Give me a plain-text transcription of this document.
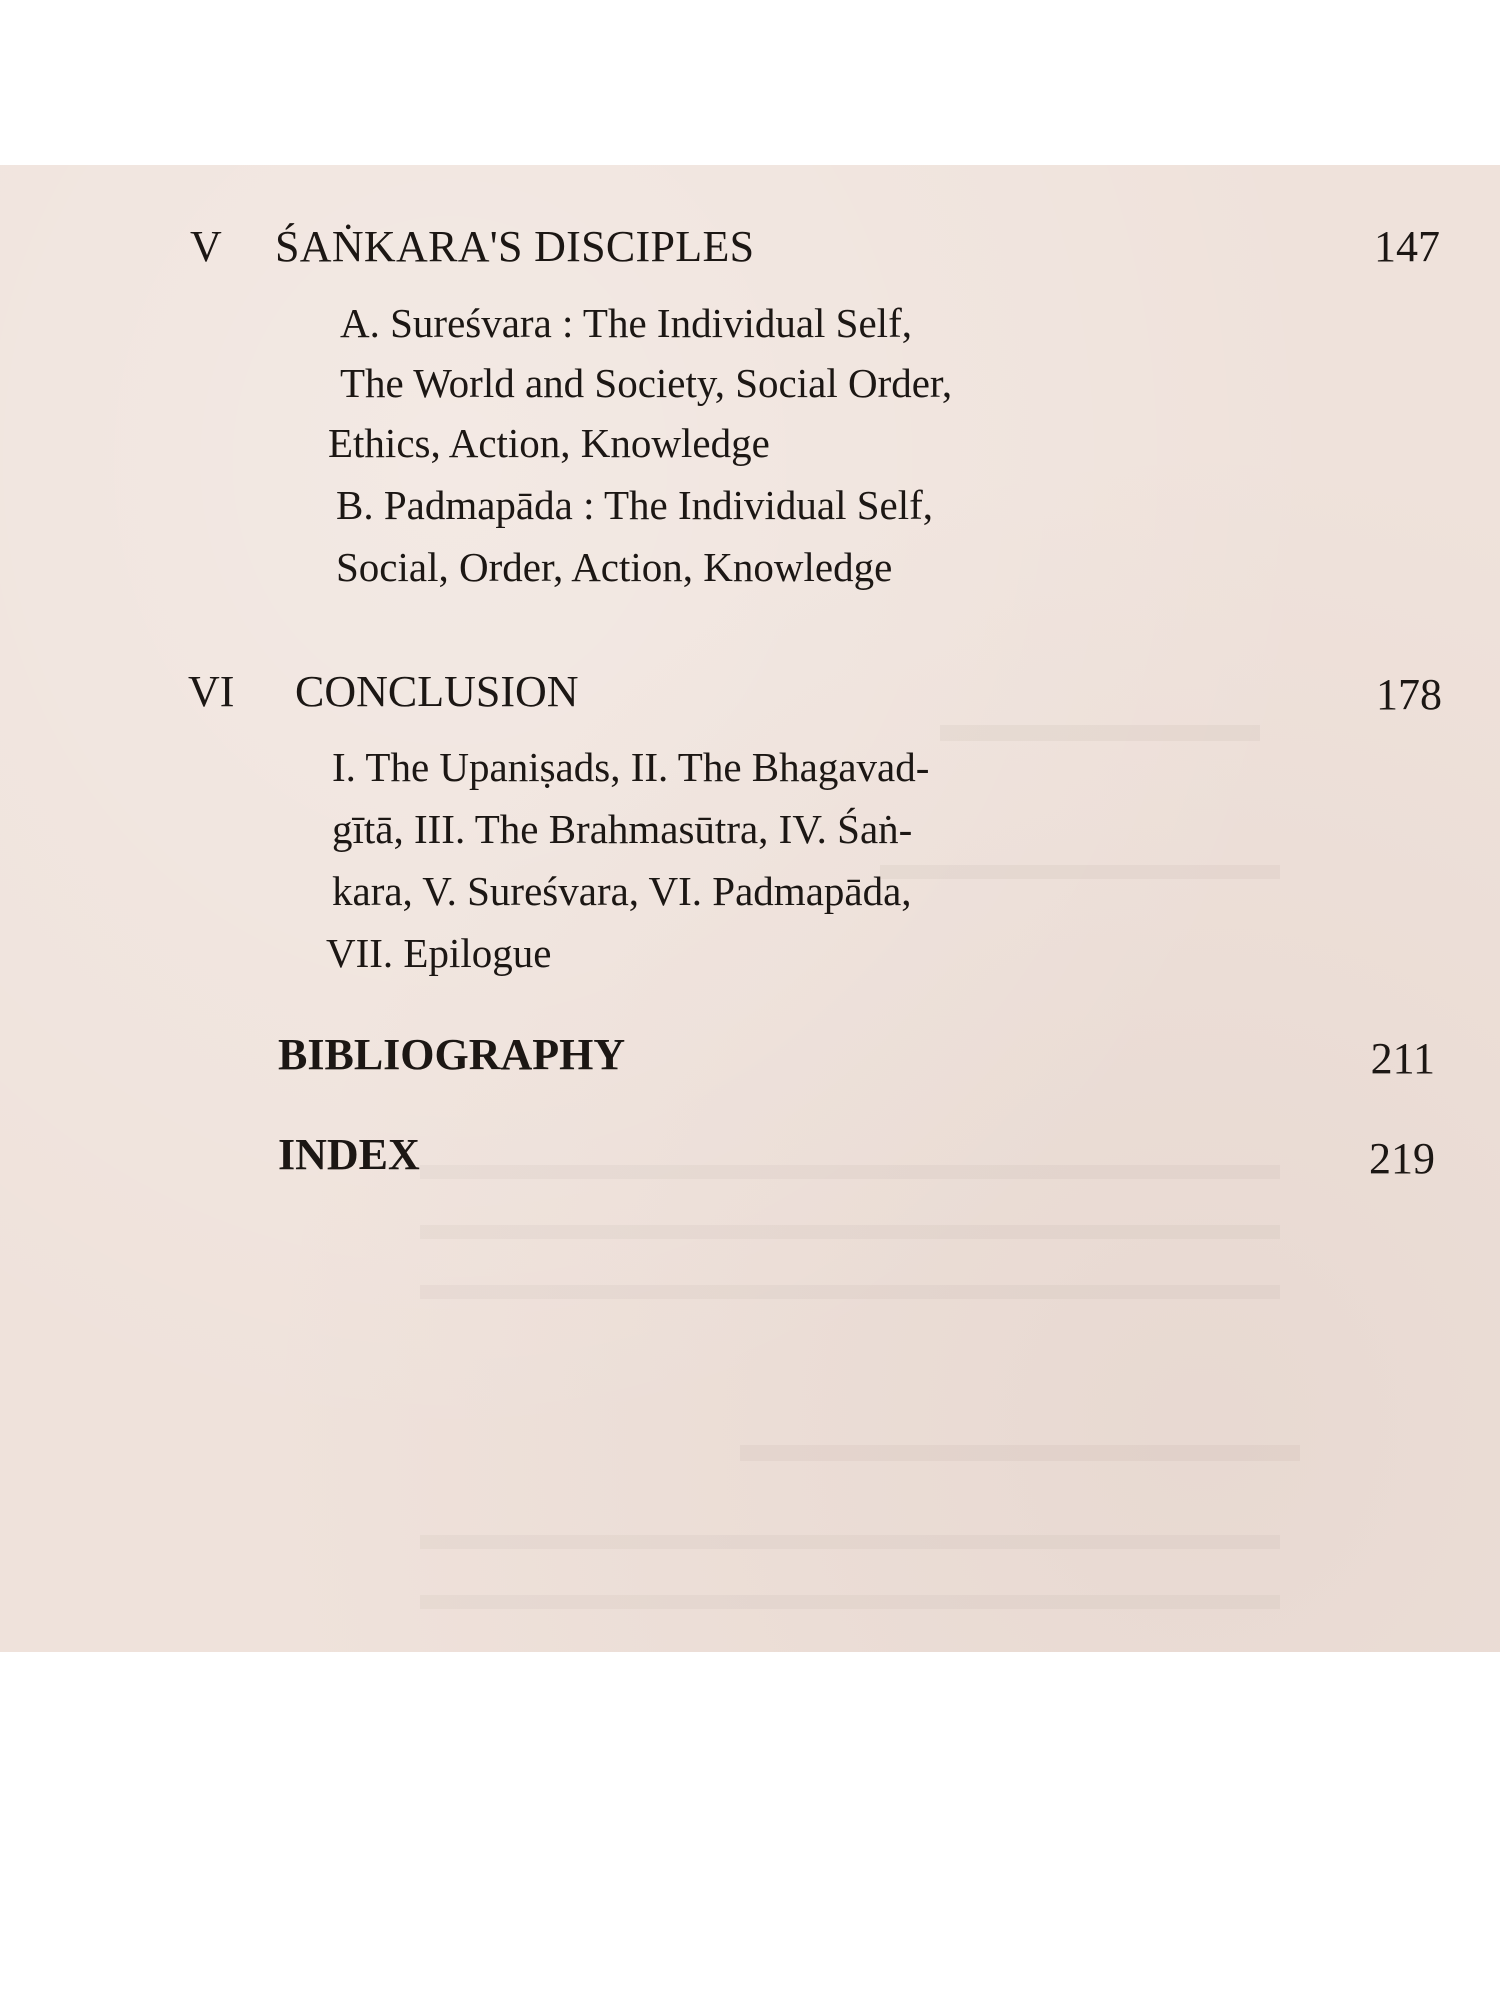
V ŚAṄKARA'S DISCIPLES	147
A. Sureśvara : The Individual Self,
The World and Society, Social Order,
Ethics, Action, Knowledge
B. Padmapāda : The Individual Self,
Social, Order, Action, Knowledge
VI CONCLUSION	178
I. The Upaniṣads, II. The Bhagavad-
gītā, III. The Brahmasūtra, IV. Śaṅ-
kara, V. Sureśvara, VI. Padmapāda,
VII. Epilogue
BIBLIOGRAPHY	211
INDEX	219
